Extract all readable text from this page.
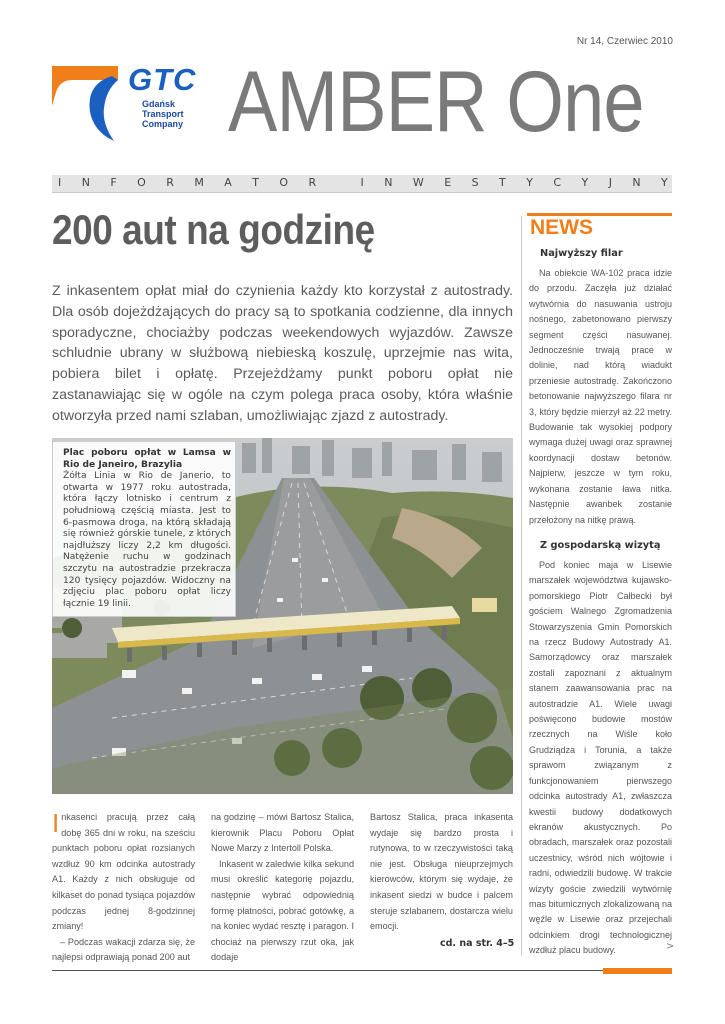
Nr 14, Czerwiec 2010
GTC
Gdańsk
Transport
Company AMBER One
I N F O R M A T O R
	I N W E S T Y C Y J N Y
200 aut na godzinę
Z inkasentem opłat miał do czynienia każdy kto korzystał z autostrady. Dla osób dojeżdżających do pracy są to spotkania codzienne, dla innych sporadyczne, chociażby podczas weekendowych wyjazdów. Zawsze schludnie ubrany w służbową niebieską koszulę, uprzejmie nas wita, pobiera bilet i opłatę. Przejeżdżamy punkt poboru opłat nie zastanawiając się w ogóle na czym polega praca osoby, która właśnie otworzyła przed nami szlaban, umożliwiając zjazd z autostrady.
Plac poboru opłat w Lamsa w Rio de Janeiro, Brazylia
Żółta Linia w Rio de Janerio, to otwarta w 1977 roku autostrada, która łączy lotnisko i centrum z południową częścią miasta. Jest to 6-pasmowa droga, na którą składają się również górskie tunele, z których najdłuższy liczy 2,2 km długości. Natężenie ruchu w godzinach szczytu na autostradzie przekracza 120 tysięcy pojazdów. Widoczny na zdjęciu plac poboru opłat liczy łącznie 19 linii.

Inkasenci pracują przez całą dobę 365 dni w roku, na sześciu punktach poboru opłat rozsianych wzdłuż 90 km odcinka autostrady A1. Każdy z nich obsługuje od kilkaset do ponad tysiąca pojazdów podczas jednej 8-godzinnej zmiany!

– Podczas wakacji zdarza się, że najlepsi odprawiają ponad 200 aut

na godzinę – mówi Bartosz Stalica, kierownik Placu Poboru Opłat Nowe Marzy z Intertoll Polska.

Inkasent w zaledwie kilka sekund musi określić kategorię pojazdu, następnie wybrać odpowiednią formę płatności, pobrać gotówkę, a na koniec wydać resztę i paragon. I chociaż na pierwszy rzut oka, jak dodaje

Bartosz Stalica, praca inkasenta wydaje się bardzo prosta i rutynowa, to w rzeczywistości taką nie jest. Obsługa nieuprzejmych kierowców, którym się wydaje, że inkasent siedzi w budce i palcem steruje szlabanem, dostarcza wielu emocji.

cd. na str. 4–5
NEWS
Najwyższy filar

Na obiekcie WA-102 praca idzie do przodu. Zaczęła już działać wytwórnia do nasuwania ustroju nośnego, zabetonowano pierwszy segment części nasuwanej. Jednocześnie trwają prace w dolinie, nad którą wiadukt przeniesie autostradę. Zakończono betonowanie najwyższego filara nr 3, który będzie mierzył aż 22 metry. Budowanie tak wysokiej podpory wymaga dużej uwagi oraz sprawnej koordynacji dostaw betonów. Najpierw, jeszcze w tym roku, wykonana zostanie ława nitka. Następnie awanbek zostanie przełożony na nitkę prawą.

Z gospodarską wizytą

Pod koniec maja w Lisewie marszałek województwa kujawsko-pomorskiego Piotr Całbecki był gościem Walnego Zgromadzenia Stowarzyszenia Gmin Pomorskich na rzecz Budowy Autostrady A1. Samorządowcy oraz marszałek zostali zapoznani z aktualnym stanem zaawansowania prac na autostradzie A1. Wiele uwagi poświęcono budowie mostów rzecznych na Wiśle koło Grudziądza i Torunia, a także sprawom związanym z funkcjonowaniem pierwszego odcinka autostrady A1, zwłaszcza kwestii budowy dodatkowych ekranów akustycznych. Po obradach, marszałek oraz pozostali uczestnicy, wśród nich wójtowie i radni, odwiedzili budowę. W trakcie wizyty goście zwiedzili wytwórnię mas bitumicznych zlokalizowaną na węźle w Lisewie oraz przejechali odcinkiem drogi technologicznej wzdłuż placu budowy.	>
